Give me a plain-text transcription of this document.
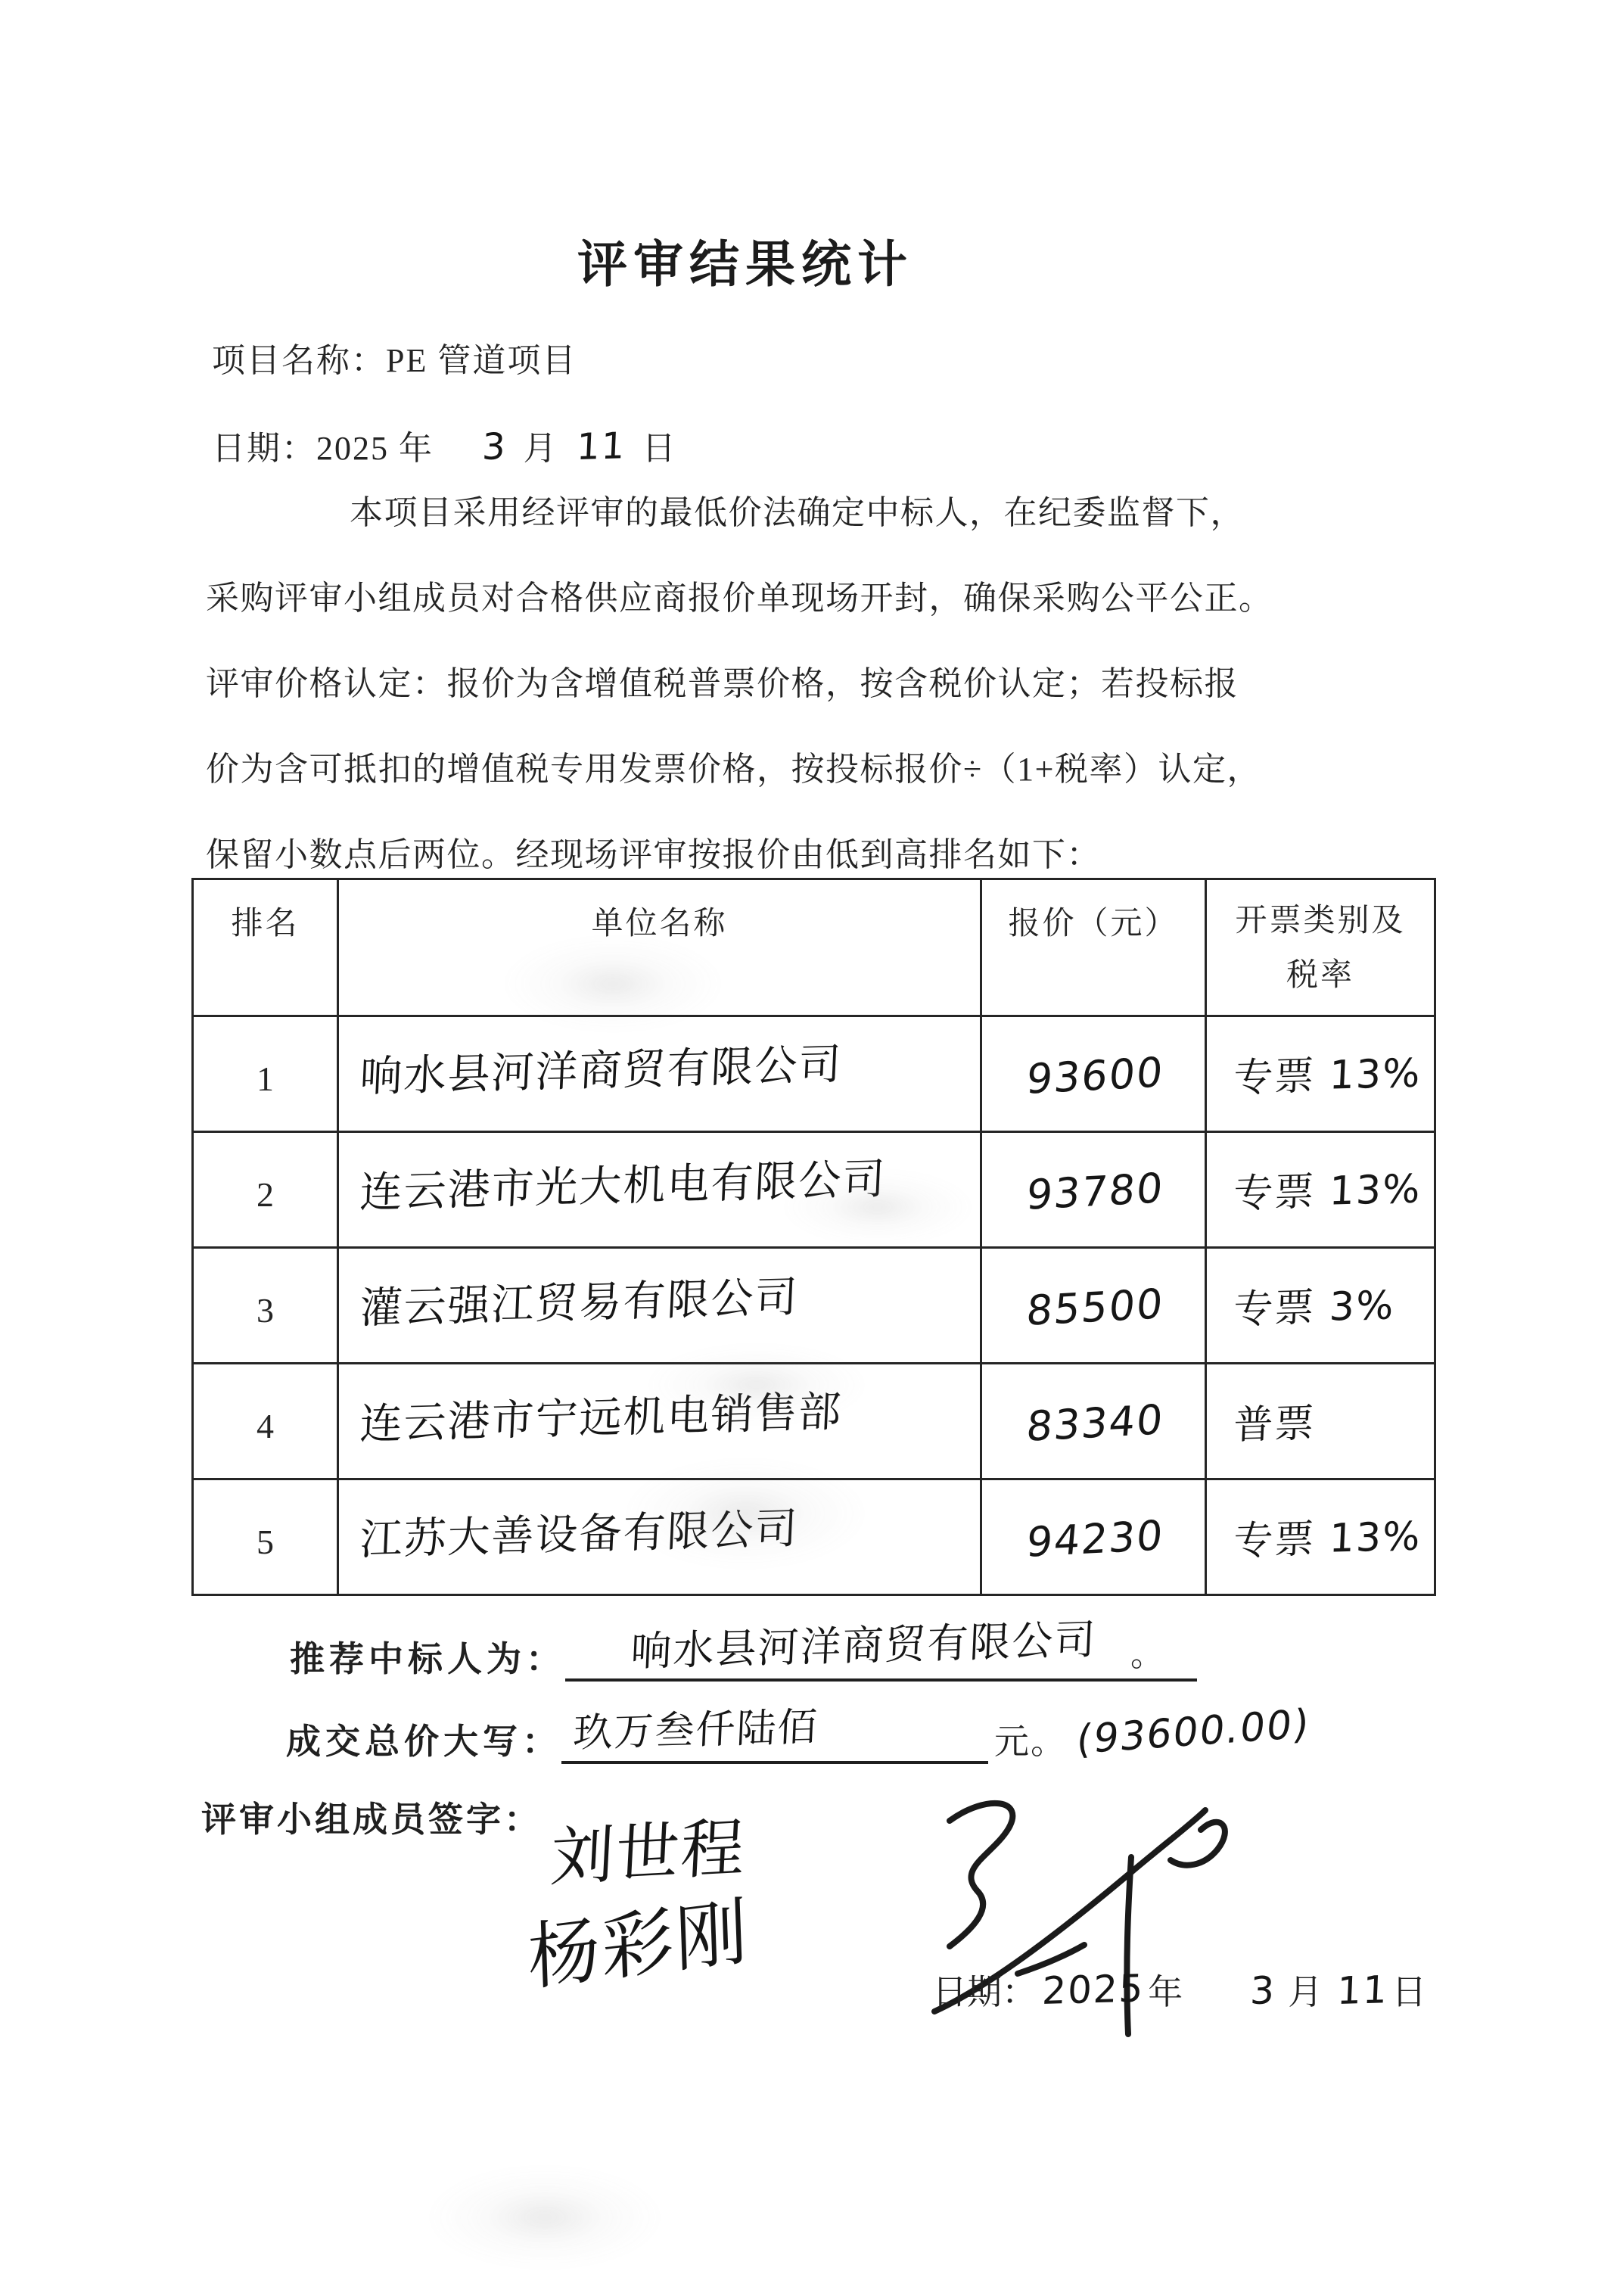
评审结果统计
项目名称：PE 管道项目
日期：2025 年 3 月 11 日
本项目采用经评审的最低价法确定中标人，在纪委监督下，
采购评审小组成员对合格供应商报价单现场开封，确保采购公平公正。
评审价格认定：报价为含增值税普票价格，按含税价认定；若投标报
价为含可抵扣的增值税专用发票价格，按投标报价÷（1+税率）认定，
保留小数点后两位。经现场评审按报价由低到高排名如下：
排名	单位名称	报价（元）	开票类别及
税率

1	响水县河洋商贸有限公司	93600	专票 13%
2	连云港市光大机电有限公司	93780	专票 13%
3	灌云强江贸易有限公司	85500	专票 3%
4	连云港市宁远机电销售部	83340	普票
5	江苏大善设备有限公司	94230	专票 13%
推荐中标人为： 响水县河洋商贸有限公司 。
成交总价大写： 玖万叁仟陆佰	元。 (93600.00)
评审小组成员签字： 刘世程
杨彩刚	日期： 2025年 3 月 11日
